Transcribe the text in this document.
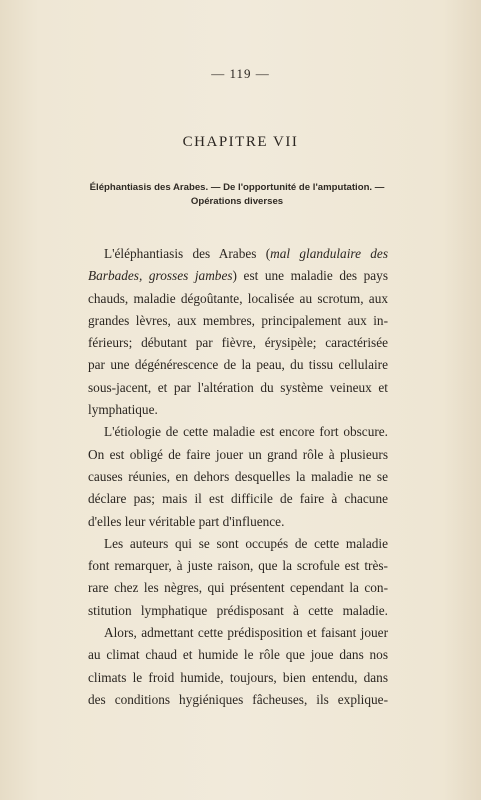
— 119 —
CHAPITRE VII
Éléphantiasis des Arabes. — De l'opportunité de l'amputation. —
Opérations diverses
L'éléphantiasis des Arabes (mal glandulaire des
Barbades, grosses jambes) est une maladie des pays
chauds, maladie dégoûtante, localisée au scrotum, aux
grandes lèvres, aux membres, principalement aux in-
férieurs; débutant par fièvre, érysipèle; caractérisée
par une dégénérescence de la peau, du tissu cellulaire
sous-jacent, et par l'altération du système veineux et
lymphatique.
L'étiologie de cette maladie est encore fort obscure.
On est obligé de faire jouer un grand rôle à plusieurs
causes réunies, en dehors desquelles la maladie ne se
déclare pas; mais il est difficile de faire à chacune
d'elles leur véritable part d'influence.
Les auteurs qui se sont occupés de cette maladie
font remarquer, à juste raison, que la scrofule est très-
rare chez les nègres, qui présentent cependant la con-
stitution lymphatique prédisposant à cette maladie.
Alors, admettant cette prédisposition et faisant jouer
au climat chaud et humide le rôle que joue dans nos
climats le froid humide, toujours, bien entendu, dans
des conditions hygiéniques fâcheuses, ils explique-
